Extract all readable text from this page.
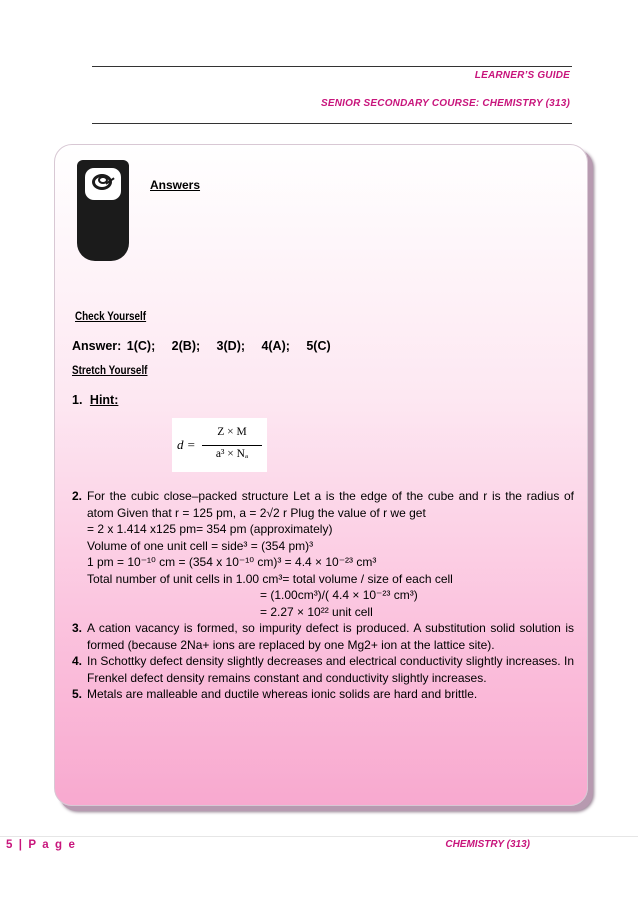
LEARNER’S GUIDE
SENIOR SECONDARY COURSE: CHEMISTRY (313)
Answers
Check Yourself
Answer: 1(C);   2(B);   3(D);   4(A);   5(C)
Stretch Yourself
1. Hint:
d =
Z × M
a³ × Nₐ
2. For the cubic close–packed structure Let a is the edge of the cube and r is the radius of atom Given that r = 125 pm, a = 2√2 r Plug the value of r we get
= 2 x 1.414 x125 pm= 354 pm (approximately)
Volume of one unit cell = side³ = (354 pm)³
1 pm = 10⁻¹⁰ cm = (354 x 10⁻¹⁰ cm)³ = 4.4 × 10⁻²³ cm³
Total number of unit cells in 1.00 cm³= total volume / size of each cell
= (1.00cm³)/( 4.4 × 10⁻²³ cm³)
= 2.27 × 10²² unit cell
3. A cation vacancy is formed, so impurity defect is produced. A substitution solid solution is formed (because 2Na+ ions are replaced by one Mg2+ ion at the lattice site).
4. In Schottky defect density slightly decreases and electrical conductivity slightly increases. In Frenkel defect density remains constant and conductivity slightly increases.
5. Metals are malleable and ductile whereas ionic solids are hard and brittle.
5 | P a g e	CHEMISTRY (313)
